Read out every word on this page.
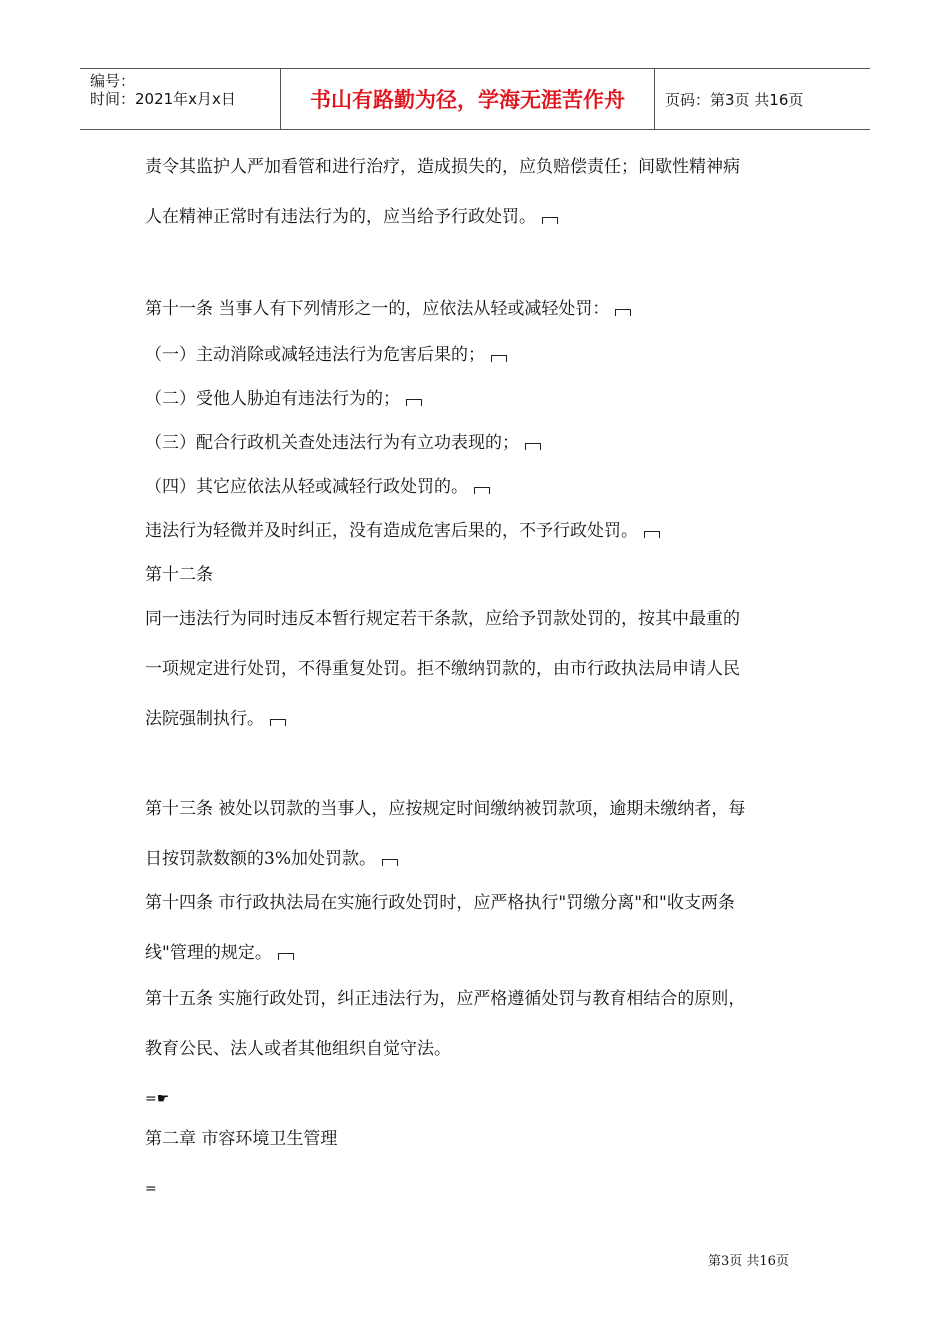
编号：
时间：2021年x月x日	书山有路勤为径，学海无涯苦作舟	页码：第3页 共16页
责令其监护人严加看管和进行治疗，造成损失的，应负赔偿责任；间歇性精神病
人在精神正常时有违法行为的，应当给予行政处罚。
第十一条 当事人有下列情形之一的，应依法从轻或减轻处罚：
（一）主动消除或减轻违法行为危害后果的；
（二）受他人胁迫有违法行为的；
（三）配合行政机关查处违法行为有立功表现的；
（四）其它应依法从轻或减轻行政处罚的。
违法行为轻微并及时纠正，没有造成危害后果的，不予行政处罚。
第十二条
同一违法行为同时违反本暂行规定若干条款，应给予罚款处罚的，按其中最重的
一项规定进行处罚，不得重复处罚。拒不缴纳罚款的，由市行政执法局申请人民
法院强制执行。
第十三条 被处以罚款的当事人，应按规定时间缴纳被罚款项，逾期未缴纳者，每
日按罚款数额的3%加处罚款。
第十四条 市行政执法局在实施行政处罚时，应严格执行"罚缴分离"和"收支两条
线"管理的规定。
第十五条 实施行政处罚，纠正违法行为，应严格遵循处罚与教育相结合的原则，
教育公民、法人或者其他组织自觉守法。
=☛
第二章 市容环境卫生管理
=
第3页 共16页
